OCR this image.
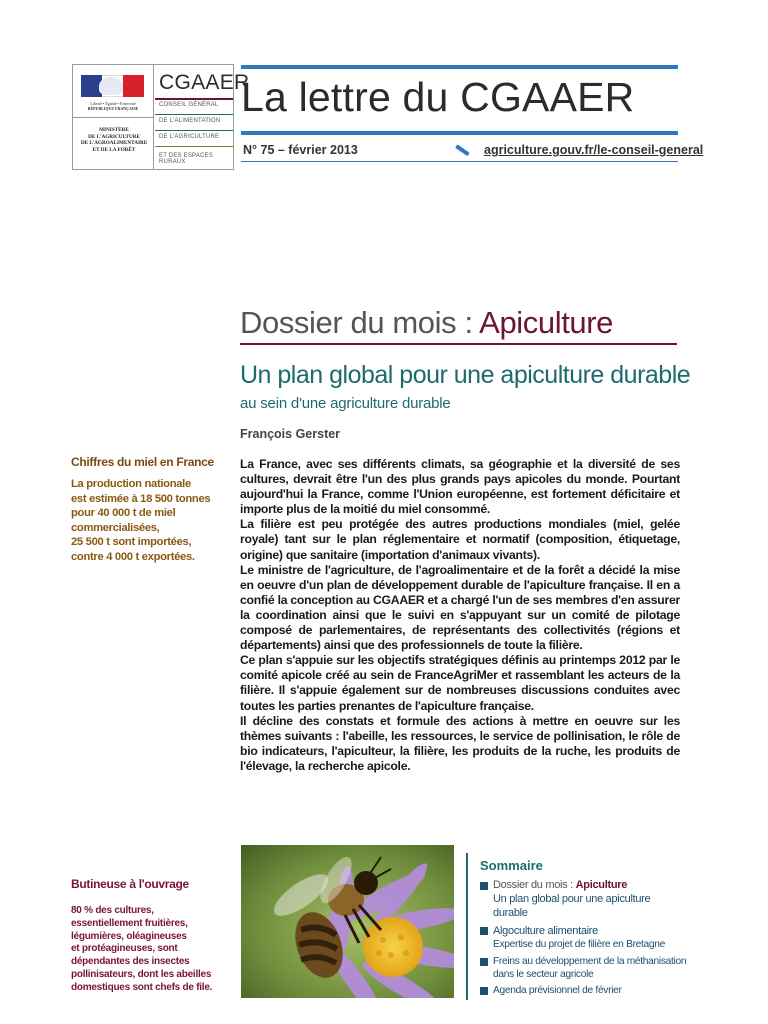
Liberté • Égalité • Fraternité
RÉPUBLIQUE FRANÇAISE
MINISTÈRE
DE L'AGRICULTURE
DE L'AGROALIMENTAIRE
ET DE LA FORÊT
CGAAER
CONSEIL GÉNÉRAL
DE L'ALIMENTATION
DE L'AGRICULTURE
ET DES ESPACES RURAUX
La lettre du CGAAER
N° 75 – février 2013	agriculture.gouv.fr/le-conseil-general
Dossier du mois : Apiculture
Un plan global pour une apiculture durable
au sein d'une agriculture durable
François Gerster
Chiffres du miel en France
La production nationale
est estimée à 18 500 tonnes
pour 40 000 t de miel
commercialisées,
25 500 t sont importées,
contre 4 000 t exportées.

La France, avec ses différents climats, sa géographie et la diversité de ses cultures, devrait être l'un des plus grands pays apicoles du monde. Pourtant aujourd'hui la France, comme l'Union européenne, est fortement déficitaire et importe plus de la moitié du miel consommé.

La filière est peu protégée des autres productions mondiales (miel, gelée royale) tant sur le plan réglementaire et normatif (composition, étiquetage, origine) que sanitaire (importation d'animaux vivants).

Le ministre de l'agriculture, de l'agroalimentaire et de la forêt a décidé la mise en oeuvre d'un plan de développement durable de l'apiculture française. Il en a confié la conception au CGAAER et a chargé l'un de ses membres d'en assurer la coordination ainsi que le suivi en s'appuyant sur un comité de pilotage composé de parlementaires, de représentants des collectivités (régions et départements) ainsi que des professionnels de toute la filière.

Ce plan s'appuie sur les objectifs stratégiques définis au printemps 2012 par le comité apicole créé au sein de FranceAgriMer et rassemblant les acteurs de la filière. Il s'appuie également sur de nombreuses discussions conduites avec toutes les parties prenantes de l'apiculture française.

Il décline des constats et formule des actions à mettre en oeuvre sur les thèmes suivants : l'abeille, les ressources, le service de pollinisation, le rôle de bio indicateurs, l'apiculteur, la filière, les produits de la ruche, les produits de l'élevage, la recherche apicole.

Butineuse à l'ouvrage
80 % des cultures,
essentiellement fruitières,
légumières, oléagineuses
et protéagineuses, sont
dépendantes des insectes
pollinisateurs, dont les abeilles
domestiques sont chefs de file.
Sommaire
Dossier du mois : Apiculture
Un plan global pour une apiculture
durable
Algoculture alimentaire
Expertise du projet de filière en Bretagne
Freins au développement de la méthanisation
dans le secteur agricole
Agenda prévisionnel de février
